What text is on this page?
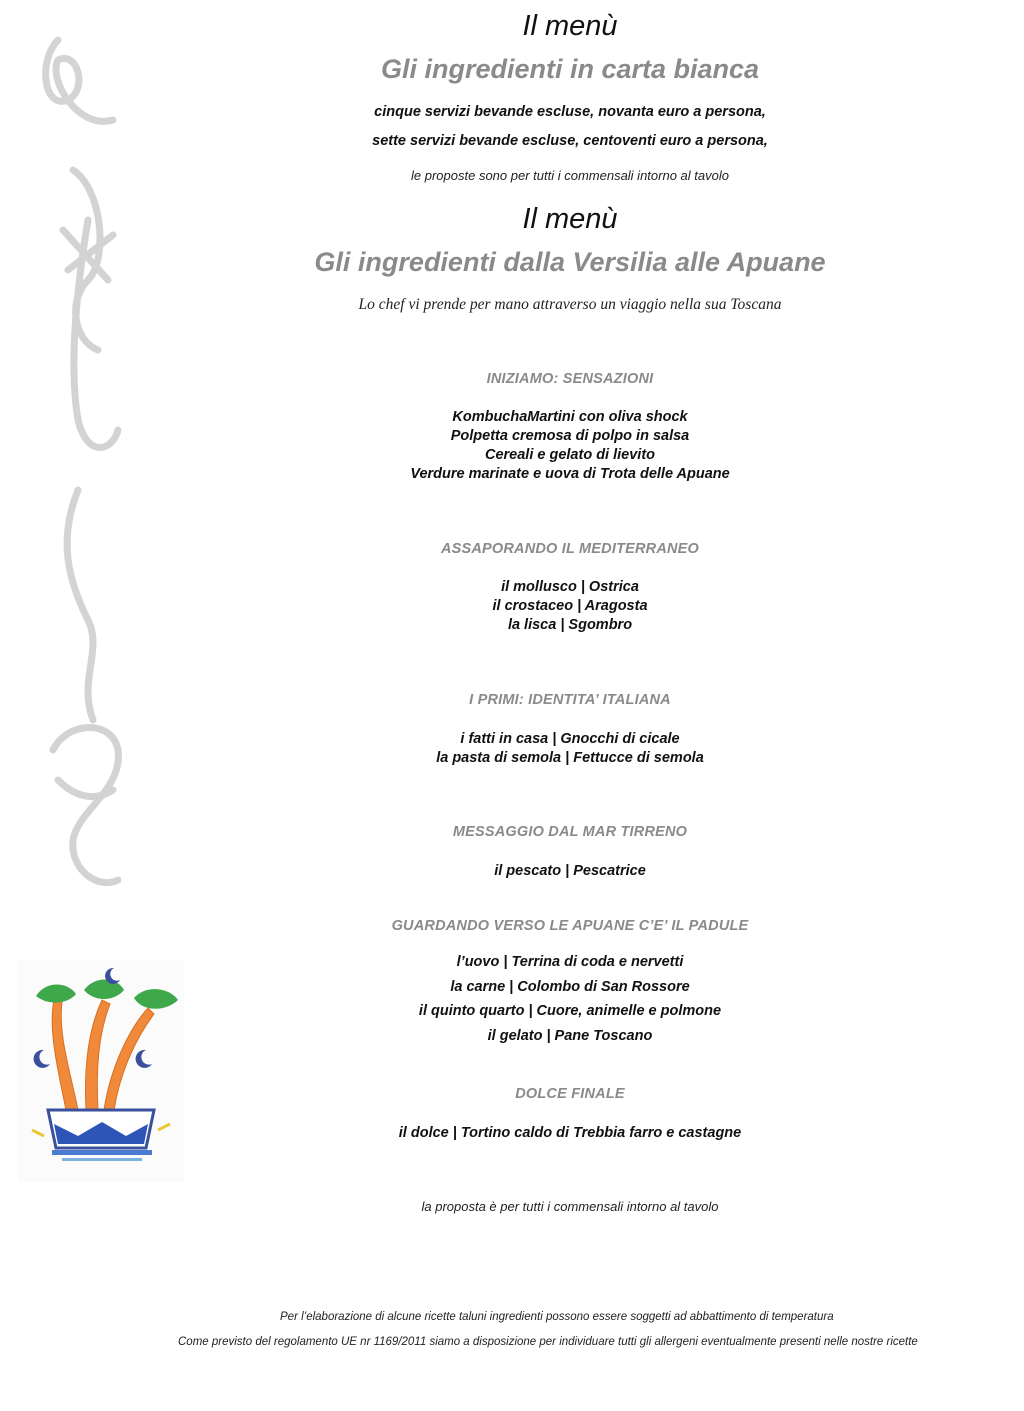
Il menù
Gli ingredienti in carta bianca
cinque servizi bevande escluse, novanta euro a persona,
sette servizi bevande escluse, centoventi euro a persona,
le proposte sono per tutti i commensali intorno al tavolo
Il menù
Gli ingredienti dalla Versilia alle Apuane
Lo chef vi prende per mano attraverso un viaggio nella sua Toscana
INIZIAMO: SENSAZIONI
KombuchaMartini con oliva shock
Polpetta cremosa di polpo in salsa
Cereali e gelato di lievito
Verdure marinate e uova di Trota delle Apuane
ASSAPORANDO IL MEDITERRANEO
il mollusco | Ostrica
il crostaceo | Aragosta
la lisca | Sgombro
I PRIMI: IDENTITA’ ITALIANA
i fatti in casa | Gnocchi di cicale
la pasta di semola | Fettucce di semola
MESSAGGIO DAL MAR TIRRENO
il pescato | Pescatrice
GUARDANDO VERSO LE APUANE C’E’ IL PADULE
l’uovo | Terrina di coda e nervetti
la carne | Colombo di San Rossore
il quinto quarto | Cuore, animelle e polmone
il gelato | Pane Toscano
DOLCE FINALE
il dolce | Tortino caldo di Trebbia farro e castagne
la proposta è per tutti i commensali intorno al tavolo
Per l’elaborazione di alcune ricette taluni ingredienti possono essere soggetti ad abbattimento di temperatura
Come previsto del regolamento UE nr 1169/2011 siamo a disposizione per individuare tutti gli allergeni eventualmente presenti nelle nostre ricette
